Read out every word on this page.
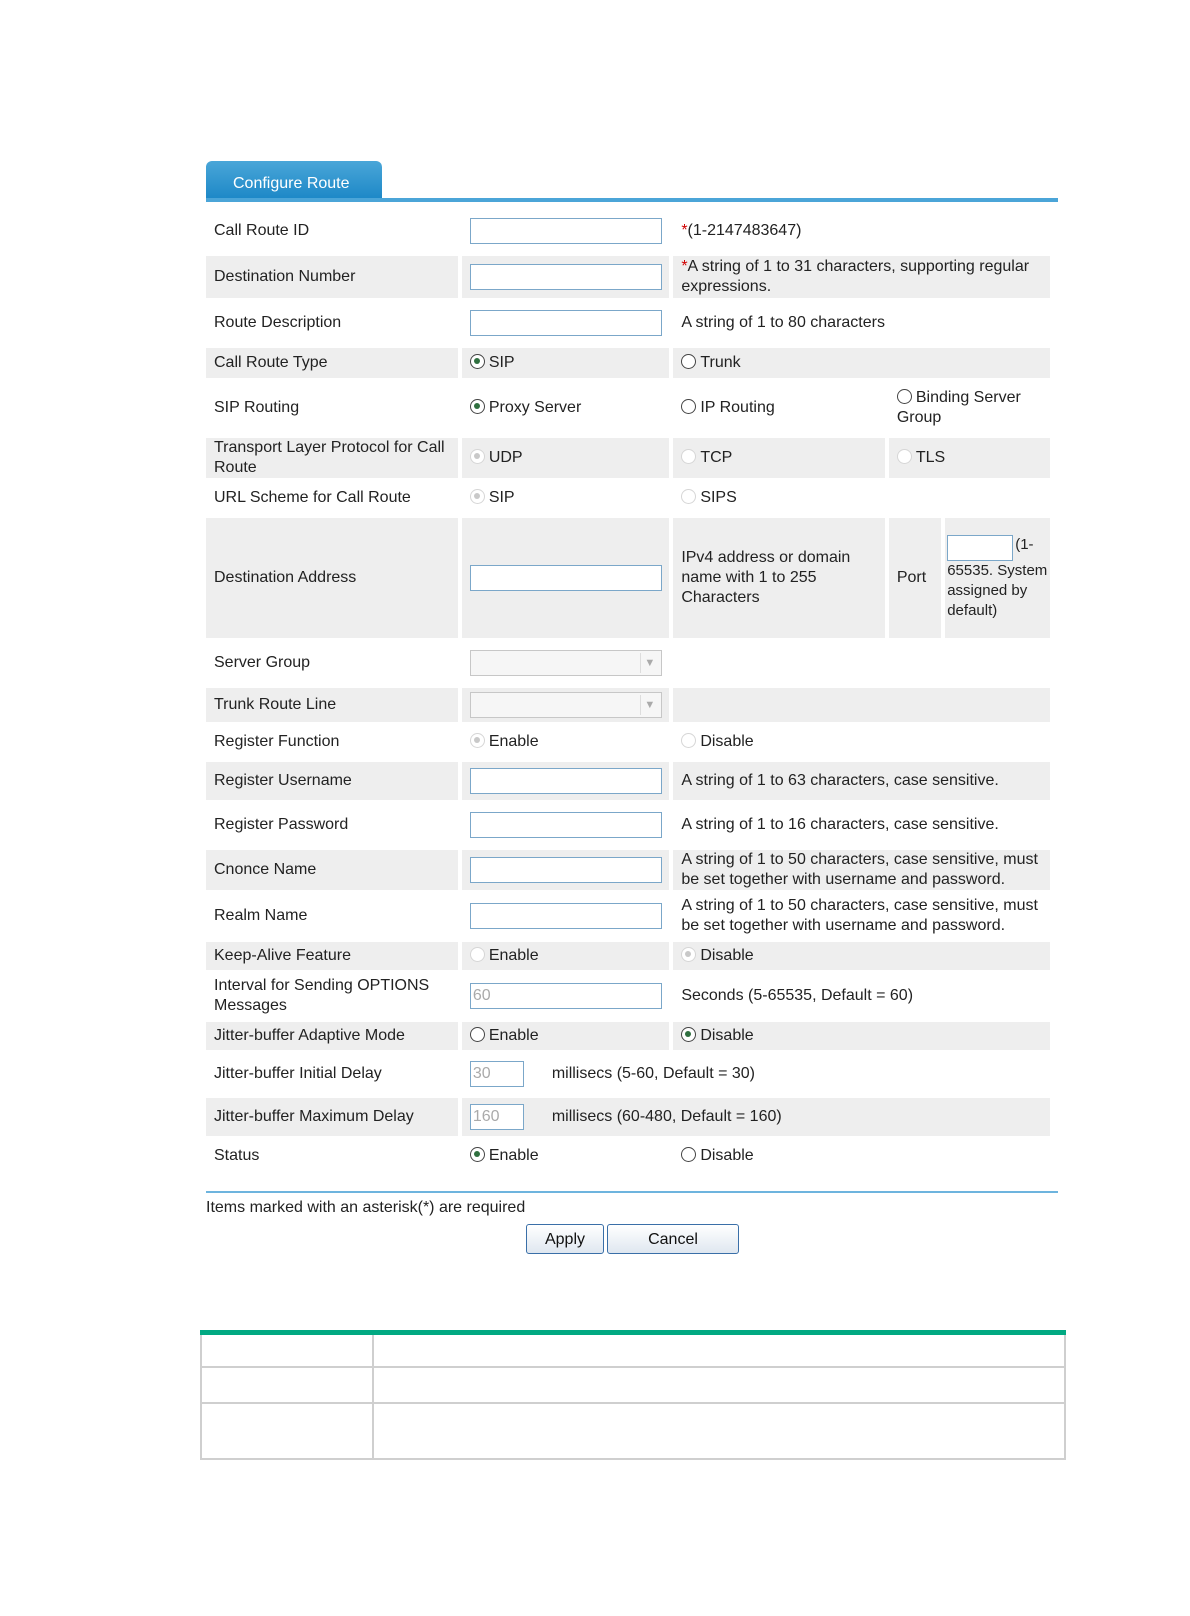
Configure Route
Call Route ID		*(1-2147483647)		
Destination Number		*A string of 1 to 31 characters, supporting regular expressions.		
Route Description		A string of 1 to 80 characters		
Call Route Type	SIP	Trunk		
SIP Routing	Proxy Server	IP Routing	Binding Server Group	
Transport Layer Protocol for Call Route	UDP	TCP	TLS	
URL Scheme for Call Route	SIP	SIPS		
Destination Address		IPv4 address or domain name with 1 to 255 Characters	Port	(1-65535. System assigned by default)
Server Group	▼			

Trunk Route Line	▼			

Register Function	Enable	Disable		
Register Username		A string of 1 to 63 characters, case sensitive.		
Register Password		A string of 1 to 16 characters, case sensitive.		
Cnonce Name		A string of 1 to 50 characters, case sensitive, must be set together with username and password.		
Realm Name		A string of 1 to 50 characters, case sensitive, must be set together with username and password.		
Keep-Alive Feature	Enable	Disable		
Interval for Sending OPTIONS Messages	60	Seconds (5-65535, Default = 60)		
Jitter-buffer Adaptive Mode	Enable	Disable		
Jitter-buffer Initial Delay	30 millisecs (5-60, Default = 30)			
Jitter-buffer Maximum Delay	160 millisecs (60-480, Default = 160)			
Status	Enable	Disable		
Items marked with an asterisk(*) are required
Apply	Cancel
